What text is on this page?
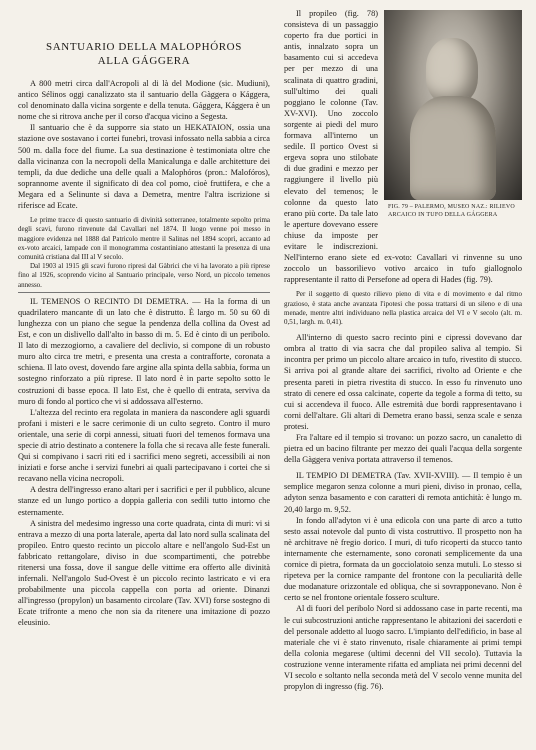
SANTUARIO DELLA MALOPHÓROS
ALLA GÁGGERA

A 800 metri circa dall'Acropoli al di là del Modione (sic. Mudiuni), antico Sélinos oggi canalizzato sta il santuario della Gàggera o Kággera, col denominato dalla vicina sorgente e della tenuta. Gággera, Kággera è un nome che si ritrova anche per il corso d'acqua vicino a Segesta.

Il santuario che è da supporre sia stato un HEKATAION, ossia una stazione ove sostavano i cortei funebri, trovasi infossato nella sabbia a circa 500 m. dalla foce del fiume. La sua destinazione è testimoniata oltre che dalla vicinanza con la necropoli della Manicalunga e dalle architetture dei templi, da due dediche una delle quali a Malophóros (pron.: Malofóros), soprannome avente il significato di dea col pomo, cioè fruttifera, e che a Megara ed a Selinunte si dava a Demetra, mentre l'altra iscrizione si riferisce ad Ecate.

Le prime tracce di questo santuario di divinità sotterranee, totalmente sepolto prima degli scavi, furono rinvenute dal Cavallari nel 1874. Il luogo venne poi messo in maggiore evidenza nel 1888 dal Patricolo mentre il Salinas nel 1894 scoprì, accanto ad ex-voto arcaici, lampade con il monogramma costantiniano attestanti la presenza di una comunità cristiana dal III al V secolo.

Dal 1903 al 1915 gli scavi furono ripresi dal Gàbrici che vi ha lavorato a più riprese fino al 1926, scoprendo vicino al Santuario principale, verso Nord, un piccolo temenos annesso.

IL TEMENOS O RECINTO DI DEMETRA. — Ha la forma di un quadrilatero mancante di un lato che è distrutto. È largo m. 50 su 60 di lunghezza con un piano che segue la pendenza della collina da Ovest ad Est, e con un dislivello dall'alto in basso di m. 5. Ed è cinto di un peribolo. Il lato di mezzogiorno, a cavaliere del declivio, si compone di un robusto muro alto circa tre metri, e presenta una cresta a contrafforte, coronata a schiena. Il lato ovest, dovendo fare argine alla spinta della sabbia, forma un sostegno rinforzato a più riprese. Il lato nord è in parte sepolto sotto le costruzioni di basse epoca. Il lato Est, che è quello di entrata, serviva da muro di fondo al portico che vi si addossava all'esterno.

L'altezza del recinto era regolata in maniera da nascondere agli sguardi profani i misteri e le sacre cerimonie di un culto segreto. Contro il muro orientale, una serie di corpi annessi, situati fuori del temenos formava una specie di atrio destinato a contenere la folla che si recava alle feste funerali. Qui si compivano i sacri riti ed i sacrifici meno segreti, accessibili ai non iniziati e forse anche i servizi funebri ai quali partecipavano i cortei che si recavano nella vicina necropoli.

A destra dell'ingresso erano altari per i sacrifici e per il pubblico, alcune stanze ed un lungo portico a doppia galleria con sedili tutto intorno che esternamente.

A sinistra del medesimo ingresso una corte quadrata, cinta di muri: vi si entrava a mezzo di una porta laterale, aperta dal lato nord sulla scalinata del propileo. Entro questo recinto un piccolo altare e nell'angolo Sud-Est un fabbricato rettangolare, diviso in due scompartimenti, che potrebbe ritenersi una fossa, dove il sangue delle vittime era offerto alle divinità infernali. Nell'angolo Sud-Ovest è un piccolo recinto lastricato e vi era probabilmente una piccola cappella con porta ad oriente. Dinanzi all'ingresso (propylon) un basamento circolare (Tav. XVI) forse sostegno di Ecate trifronte a meno che non sia da ritenere una imitazione di pozzo eleusinio.

FIG. 79 – PALERMO, MUSEO NAZ.: RILIEVO ARCAICO IN TUFO DELLA GÁGGERA

Il propileo (fig. 78) consisteva di un passaggio coperto fra due portici in antis, innalzato sopra un basamento cui si accedeva per per mezzo di una scalinata di quattro gradini, sull'ultimo dei quali poggiano le colonne (Tav. XV-XVI). Uno zoccolo sorgente ai piedi del muro formava all'interno un sedile. Il portico Ovest si ergeva sopra uno stilobate di due gradini e mezzo per raggiungere il livello più elevato del temenos; le colonne da questo lato erano più corte. Da tale lato le aperture dovevano essere chiuse da imposte per evitare le indiscrezioni. Nell'interno erano siete ed ex-voto: Cavallari vi rinvenne su uno zoccolo un bassorilievo votivo arcaico in tufo giallognolo rappresentante il ratto di Persefone ad opera di Hades (fig. 79).

Per il soggetto di questo rilievo pieno di vita e di movimento e dal ritmo grazioso, è stata anche avanzata l'ipotesi che possa trattarsi di un sileno e di una menade, mentre altri individuano nella plastica arcaica del VI e V secolo (alt. m. 0,51, largh. m. 0,41).

All'interno di questo sacro recinto pini e cipressi dovevano dar ombra al tratto di via sacra che dal propileo saliva al tempio. Si incontra per primo un piccolo altare arcaico in tufo, rivestito di stucco. Si arriva poi al grande altare dei sacrifici, rivolto ad Oriente e che presenta pareti in pietra rivestita di stucco. In esso fu rinvenuto uno strato di cenere ed ossa calcinate, coperte da tegole a forma di tetto, su cui si accendeva il fuoco. Alle estremità due bordi rappresentavano i corni dell'altare. Gli altari di Demetra erano bassi, senza scale e senza protesi.

Fra l'altare ed il tempio si trovano: un pozzo sacro, un canaletto di pietra ed un bacino filtrante per mezzo dei quali l'acqua della sorgente della Gàggera veniva portata attraverso il temenos.

IL TEMPIO DI DEMETRA (Tav. XVII-XVIII). — Il tempio è un semplice megaron senza colonne a muri pieni, diviso in pronao, cella, adyton senza basamento e con caratteri di remota antichità: è lungo m. 20,40 largo m. 9,52.

In fondo all'adyton vi è una edicola con una parte di arco a tutto sesto assai notevole dal punto di vista costruttivo. Il prospetto non ha nè architrave nè fregio dorico. I muri, di tufo ricoperti da stucco tanto internamente che esternamente, sono coronati semplicemente da una cornice di pietra, formata da un gocciolatoio senza mutuli. Lo stesso si ripeteva per la cornice rampante del frontone con la peculiarità delle due modanature orizzontale ed obliqua, che si sovrapponevano. Non è certo se nel frontone orientale fossero sculture.

Al di fuori del peribolo Nord si addossano case in parte recenti, ma le cui subcostruzioni antiche rappresentano le abitazioni dei sacerdoti e del personale addetto al luogo sacro. L'impianto dell'edificio, in base al materiale che vi è stato rinvenuto, risale chiaramente ai primi tempi della colonia megarese (ultimi decenni del VII secolo). Tuttavia la costruzione venne interamente rifatta ed ampliata nei primi decenni del VI secolo e soltanto nella seconda metà del V secolo venne munita del propylon di ingresso (fig. 76).
